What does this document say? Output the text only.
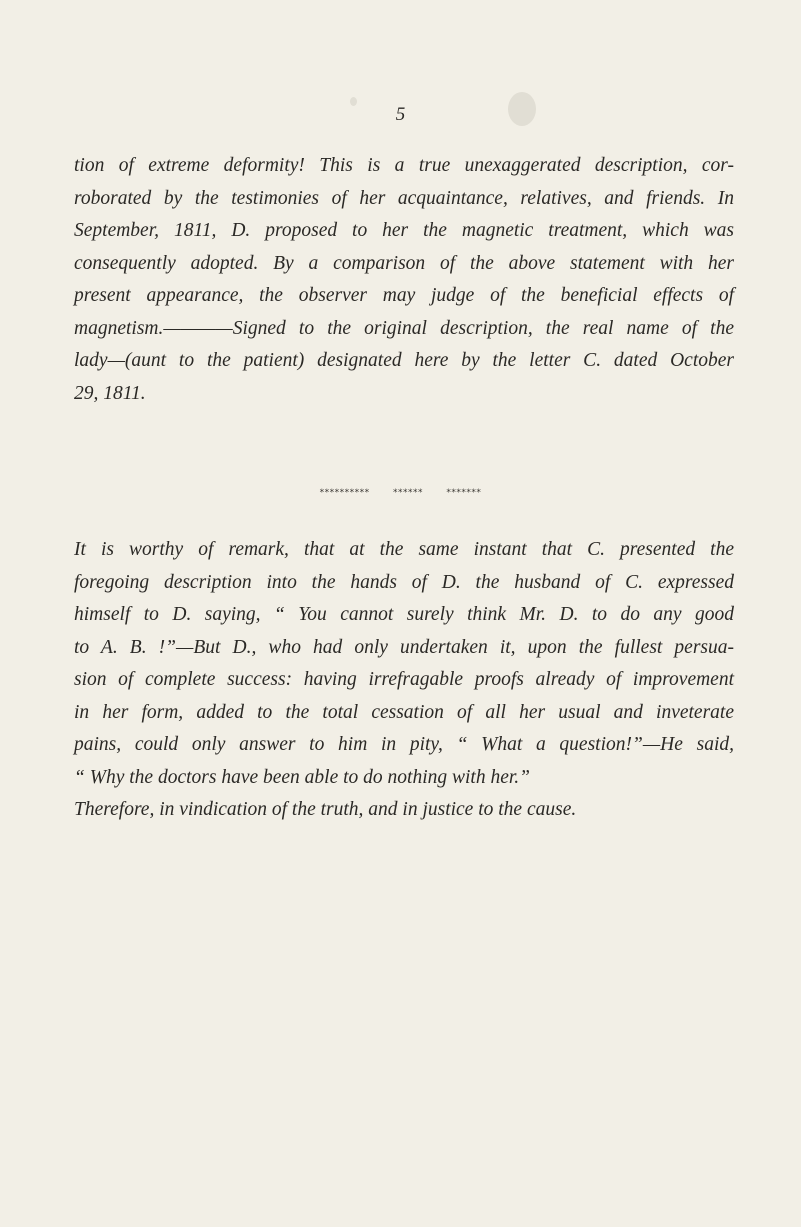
5
tion of extreme deformity! This is a true unexaggerated description, cor-
roborated by the testimonies of her acquaintance, relatives, and friends. In
September, 1811, D. proposed to her the magnetic treatment, which was
consequently adopted. By a comparison of the above statement with her
present appearance, the observer may judge of the beneficial effects of
magnetism.————Signed to the original description, the real name of the
lady—(aunt to the patient) designated here by the letter C. dated October
29, 1811.
**********	******	*******
It is worthy of remark, that at the same instant that C. presented the
foregoing description into the hands of D. the husband of C. expressed
himself to D. saying, “ You cannot surely think Mr. D. to do any good
to A. B. !”—But D., who had only undertaken it, upon the fullest persua-
sion of complete success: having irrefragable proofs already of improvement
in her form, added to the total cessation of all her usual and inveterate
pains, could only answer to him in pity, “ What a question!”—He said,
“ Why the doctors have been able to do nothing with her.”
Therefore, in vindication of the truth, and in justice to the cause.
